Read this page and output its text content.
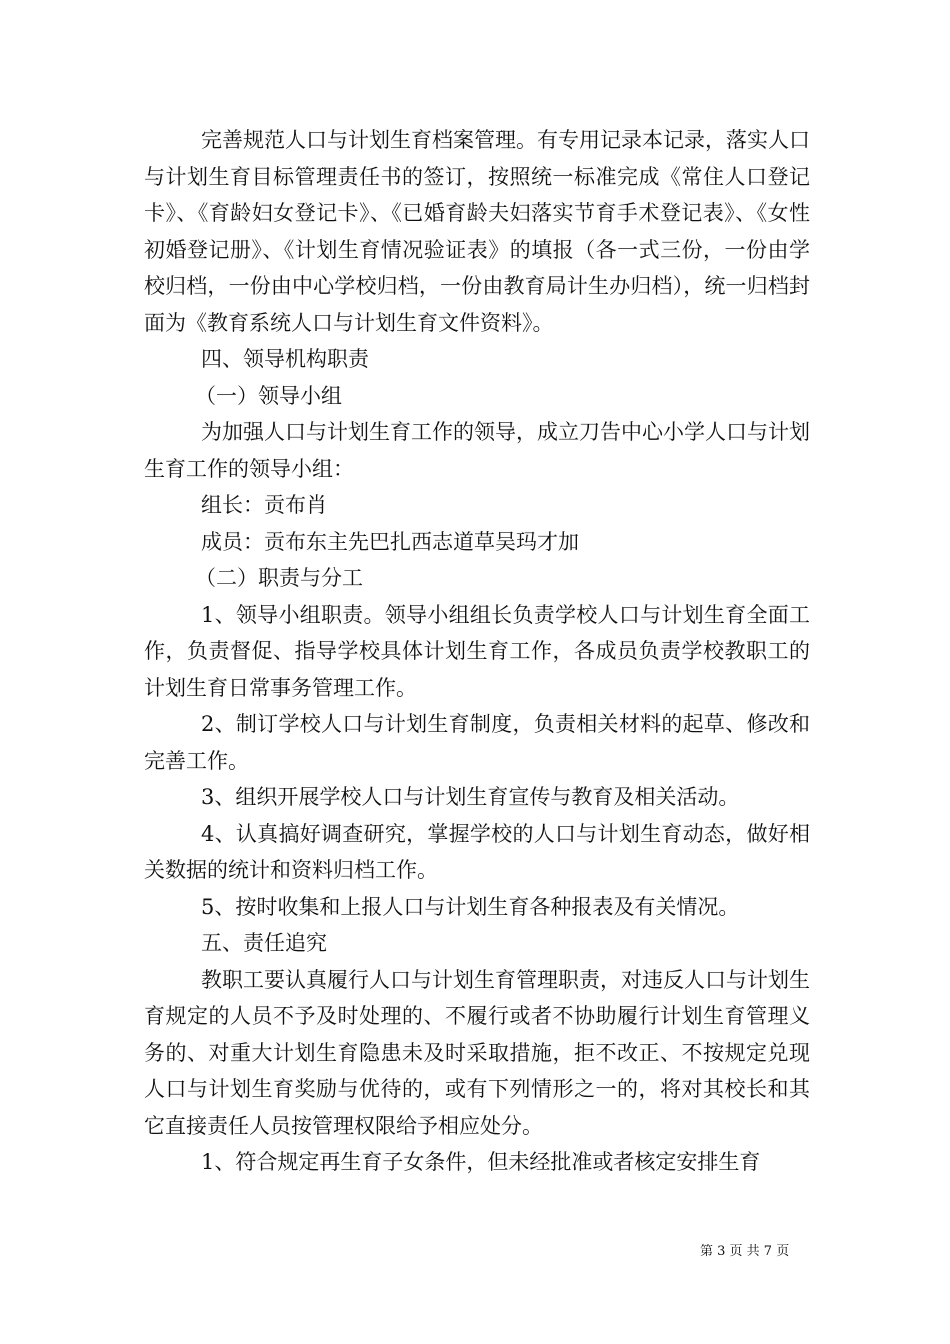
完善规范人口与计划生育档案管理。有专用记录本记录，落实人口与计划生育目标管理责任书的签订，按照统一标准完成《常住人口登记卡》、《育龄妇女登记卡》、《已婚育龄夫妇落实节育手术登记表》、《女性初婚登记册》、《计划生育情况验证表》的填报（各一式三份，一份由学校归档，一份由中心学校归档，一份由教育局计生办归档），统一归档封面为《教育系统人口与计划生育文件资料》。

四、领导机构职责

（一）领导小组

为加强人口与计划生育工作的领导，成立刀告中心小学人口与计划生育工作的领导小组：

组长：贡布肖

成员：贡布东主先巴扎西志道草吴玛才加

（二）职责与分工

1、领导小组职责。领导小组组长负责学校人口与计划生育全面工作，负责督促、指导学校具体计划生育工作，各成员负责学校教职工的计划生育日常事务管理工作。

2、制订学校人口与计划生育制度，负责相关材料的起草、修改和完善工作。

3、组织开展学校人口与计划生育宣传与教育及相关活动。

4、认真搞好调查研究，掌握学校的人口与计划生育动态，做好相关数据的统计和资料归档工作。

5、按时收集和上报人口与计划生育各种报表及有关情况。

五、责任追究

教职工要认真履行人口与计划生育管理职责，对违反人口与计划生育规定的人员不予及时处理的、不履行或者不协助履行计划生育管理义务的、对重大计划生育隐患未及时采取措施，拒不改正、不按规定兑现人口与计划生育奖励与优待的，或有下列情形之一的，将对其校长和其它直接责任人员按管理权限给予相应处分。

1、符合规定再生育子女条件，但未经批准或者核定安排生育

第 3 页 共 7 页
